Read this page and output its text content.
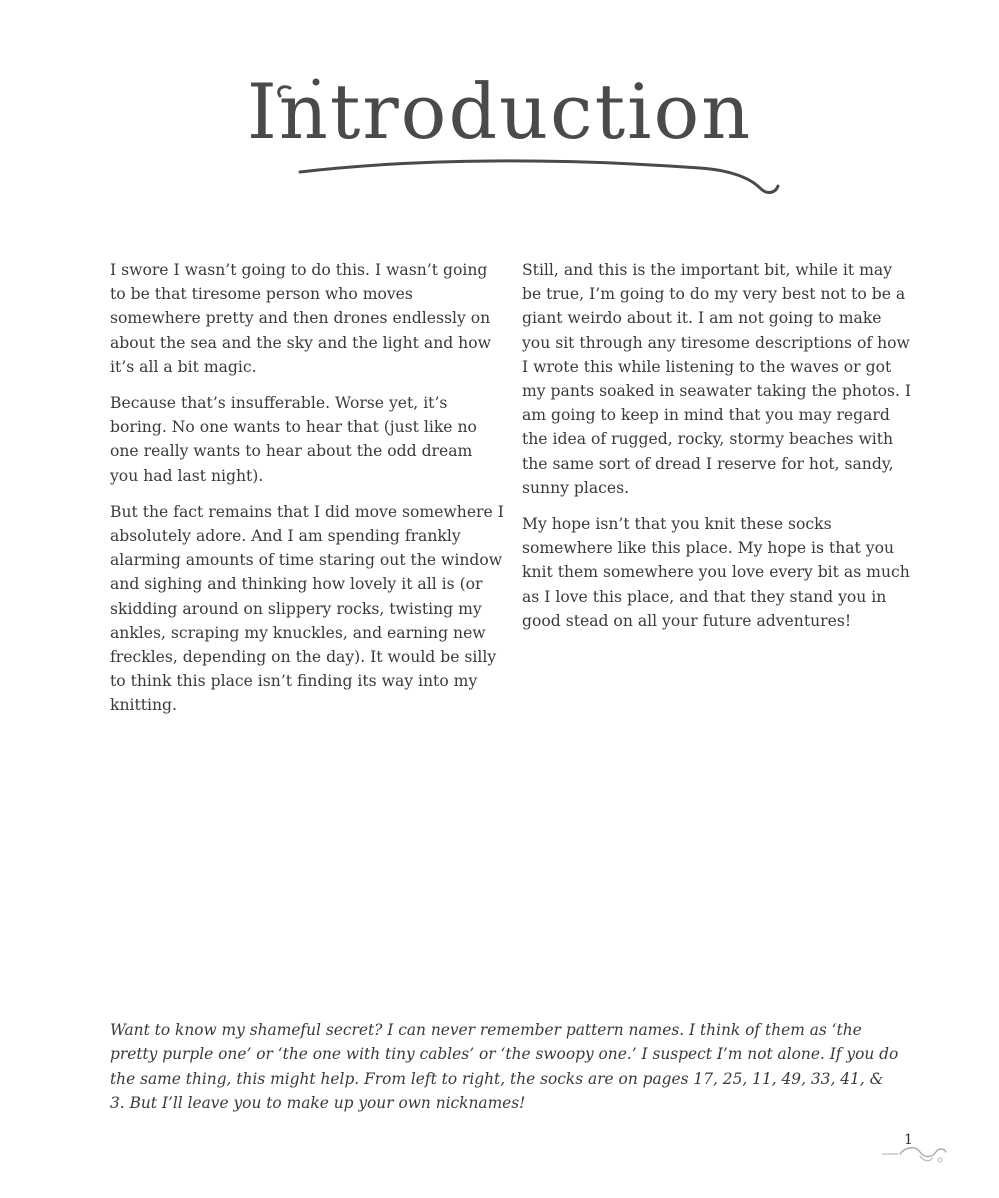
Introduction

I swore I wasn’t going to do this. I wasn’t going to be that tiresome person who moves somewhere pretty and then drones endlessly on about the sea and the sky and the light and how it’s all a bit magic.

Because that’s insufferable. Worse yet, it’s boring. No one wants to hear that (just like no one really wants to hear about the odd dream you had last night).

But the fact remains that I did move somewhere I absolutely adore. And I am spending frankly alarming amounts of time staring out the window and sighing and thinking how lovely it all is (or skidding around on slippery rocks, twisting my ankles, scraping my knuckles, and earning new freckles, depending on the day). It would be silly to think this place isn’t finding its way into my knitting.

Still, and this is the important bit, while it may be true, I’m going to do my very best not to be a giant weirdo about it. I am not going to make you sit through any tiresome descriptions of how I wrote this while listening to the waves or got my pants soaked in seawater taking the photos. I am going to keep in mind that you may regard the idea of rugged, rocky, stormy beaches with the same sort of dread I reserve for hot, sandy, sunny places.

My hope isn’t that you knit these socks somewhere like this place. My hope is that you knit them somewhere you love every bit as much as I love this place, and that they stand you in good stead on all your future adventures!

Want to know my shameful secret? I can never remember pattern names. I think of them as ‘the pretty purple one’ or ‘the one with tiny cables’ or ‘the swoopy one.’ I suspect I’m not alone. If you do the same thing, this might help. From left to right, the socks are on pages 17, 25, 11, 49, 33, 41, & 3. But I’ll leave you to make up your own nicknames!
1
